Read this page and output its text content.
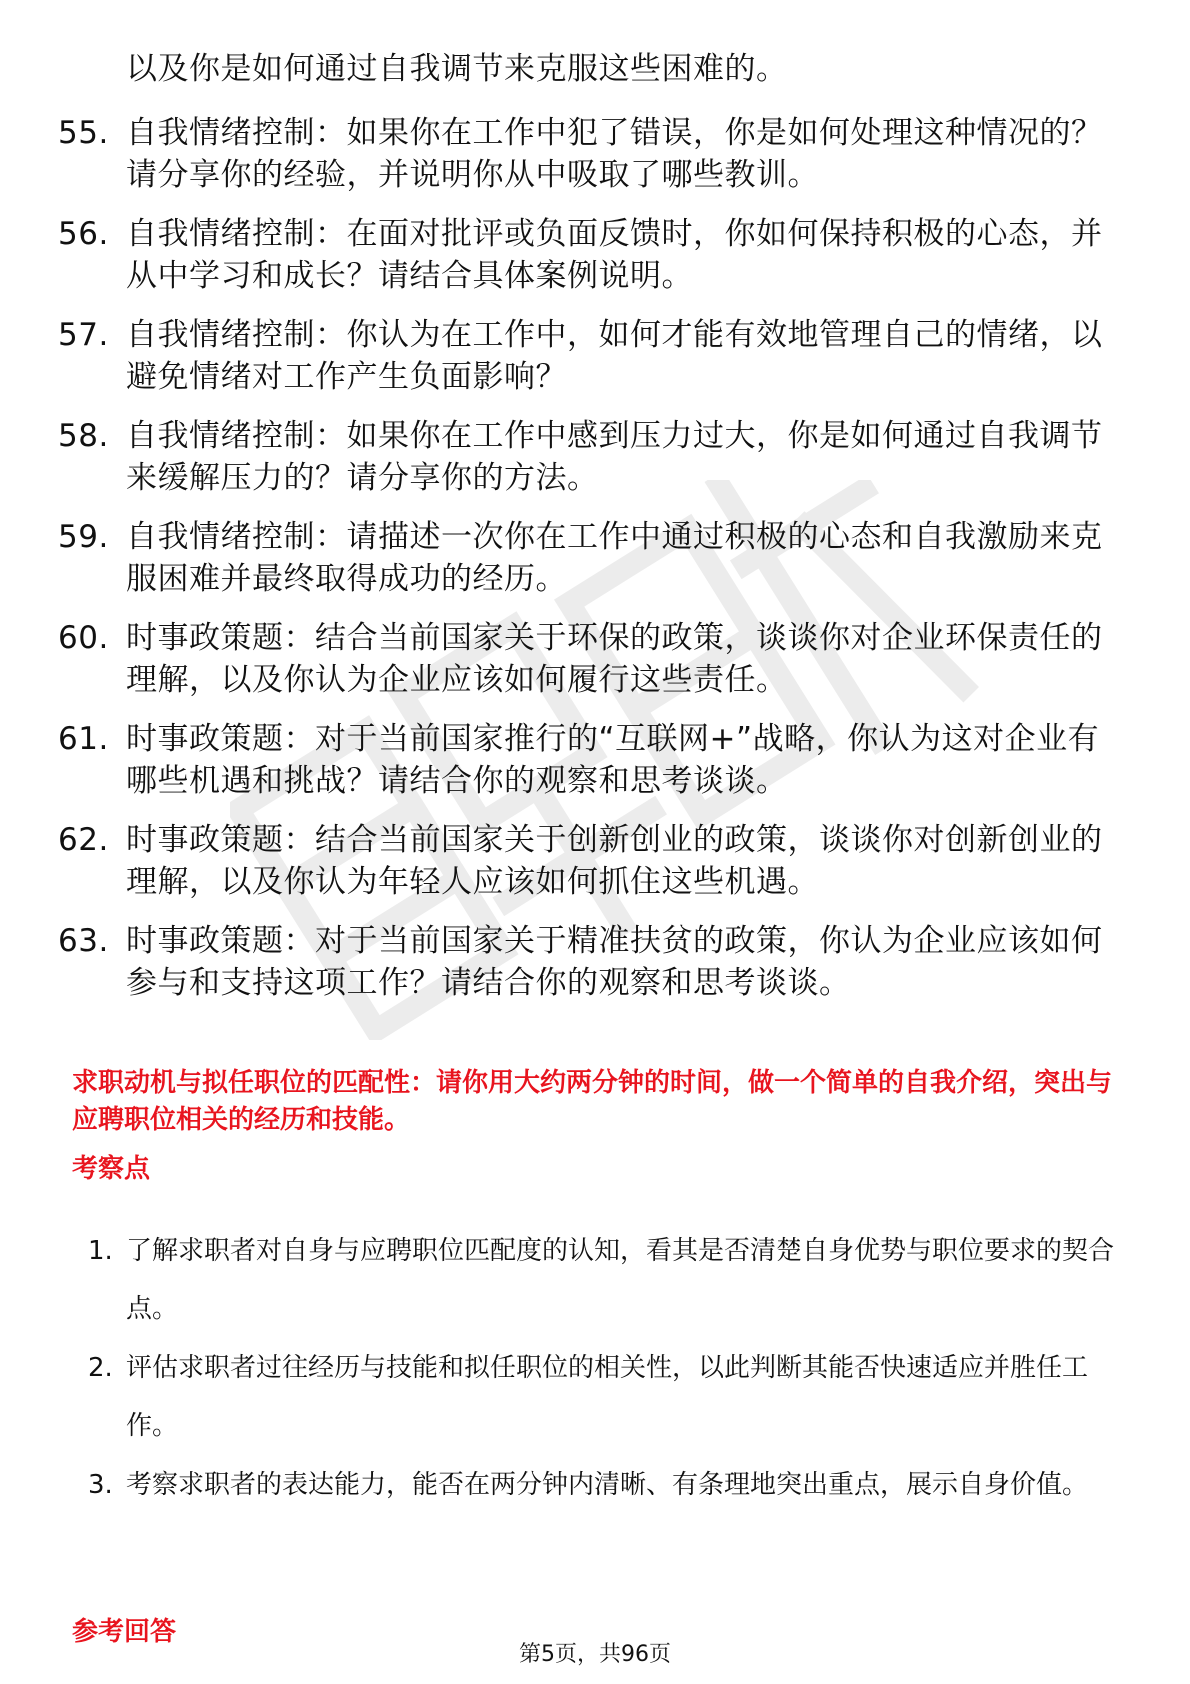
以及你是如何通过自我调节来克服这些困难的。
55. 自我情绪控制：如果你在工作中犯了错误，你是如何处理这种情况的？请分享你的经验，并说明你从中吸取了哪些教训。
56. 自我情绪控制：在面对批评或负面反馈时，你如何保持积极的心态，并从中学习和成长？请结合具体案例说明。
57. 自我情绪控制：你认为在工作中，如何才能有效地管理自己的情绪，以避免情绪对工作产生负面影响？
58. 自我情绪控制：如果你在工作中感到压力过大，你是如何通过自我调节来缓解压力的？请分享你的方法。
59. 自我情绪控制：请描述一次你在工作中通过积极的心态和自我激励来克服困难并最终取得成功的经历。
60. 时事政策题：结合当前国家关于环保的政策，谈谈你对企业环保责任的理解，以及你认为企业应该如何履行这些责任。
61. 时事政策题：对于当前国家推行的“互联网+”战略，你认为这对企业有哪些机遇和挑战？请结合你的观察和思考谈谈。
62. 时事政策题：结合当前国家关于创新创业的政策，谈谈你对创新创业的理解，以及你认为年轻人应该如何抓住这些机遇。
63. 时事政策题：对于当前国家关于精准扶贫的政策，你认为企业应该如何参与和支持这项工作？请结合你的观察和思考谈谈。
求职动机与拟任职位的匹配性：请你用大约两分钟的时间，做一个简单的自我介绍，突出与应聘职位相关的经历和技能。
考察点
1. 了解求职者对自身与应聘职位匹配度的认知，看其是否清楚自身优势与职位要求的契合点。
2. 评估求职者过往经历与技能和拟任职位的相关性，以此判断其能否快速适应并胜任工作。
3. 考察求职者的表达能力，能否在两分钟内清晰、有条理地突出重点，展示自身价值。
参考回答
第5页，共96页
